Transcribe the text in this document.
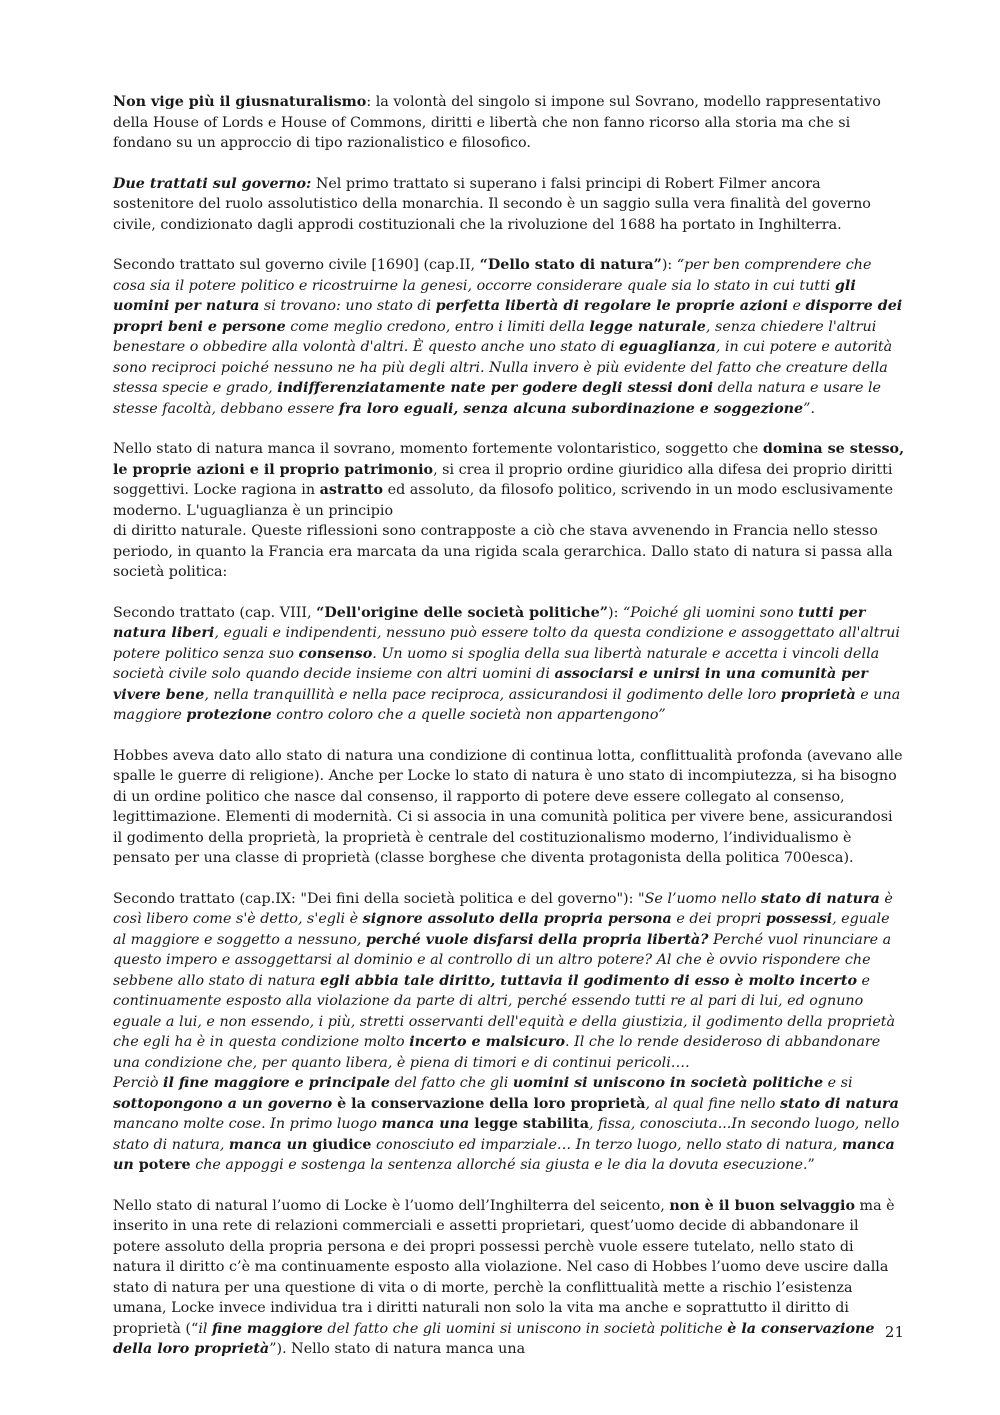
Non vige più il giusnaturalismo: la volontà del singolo si impone sul Sovrano, modello rappresentativo della House of Lords e House of Commons, diritti e libertà che non fanno ricorso alla storia ma che si fondano su un approccio di tipo razionalistico e filosofico.

Due trattati sul governo: Nel primo trattato si superano i falsi principi di Robert Filmer ancora sostenitore del ruolo assolutistico della monarchia. Il secondo è un saggio sulla vera finalità del governo civile, condizionato dagli approdi costituzionali che la rivoluzione del 1688 ha portato in Inghilterra.

Secondo trattato sul governo civile [1690] (cap.II, “Dello stato di natura”): “per ben comprendere che cosa sia il potere politico e ricostruirne la genesi, occorre considerare quale sia lo stato in cui tutti gli uomini per natura si trovano: uno stato di perfetta libertà di regolare le proprie azioni e disporre dei propri beni e persone come meglio credono, entro i limiti della legge naturale, senza chiedere l'altrui benestare o obbedire alla volontà d'altri. È questo anche uno stato di eguaglianza, in cui potere e autorità sono reciproci poiché nessuno ne ha più degli altri. Nulla invero è più evidente del fatto che creature della stessa specie e grado, indifferenziatamente nate per godere degli stessi doni della natura e usare le stesse facoltà, debbano essere fra loro eguali, senza alcuna subordinazione e soggezione”.

Nello stato di natura manca il sovrano, momento fortemente volontaristico, soggetto che domina se stesso, le proprie azioni e il proprio patrimonio, si crea il proprio ordine giuridico alla difesa dei proprio diritti soggettivi. Locke ragiona in astratto ed assoluto, da filosofo politico, scrivendo in un modo esclusivamente moderno. L'uguaglianza è un principio

di diritto naturale. Queste riflessioni sono contrapposte a ciò che stava avvenendo in Francia nello stesso periodo, in quanto la Francia era marcata da una rigida scala gerarchica. Dallo stato di natura si passa alla società politica:

Secondo trattato (cap. VIII, “Dell'origine delle società politiche”): “Poiché gli uomini sono tutti per natura liberi, eguali e indipendenti, nessuno può essere tolto da questa condizione e assoggettato all'altrui potere politico senza suo consenso. Un uomo si spoglia della sua libertà naturale e accetta i vincoli della società civile solo quando decide insieme con altri uomini di associarsi e unirsi in una comunità per vivere bene, nella tranquillità e nella pace reciproca, assicurandosi il godimento delle loro proprietà e una maggiore protezione contro coloro che a quelle società non appartengono”

Hobbes aveva dato allo stato di natura una condizione di continua lotta, conflittualità profonda (avevano alle spalle le guerre di religione). Anche per Locke lo stato di natura è uno stato di incompiutezza, si ha bisogno di un ordine politico che nasce dal consenso, il rapporto di potere deve essere collegato al consenso, legittimazione. Elementi di modernità. Ci si associa in una comunità politica per vivere bene, assicurandosi il godimento della proprietà, la proprietà è centrale del costituzionalismo moderno, l’individualismo è pensato per una classe di proprietà (classe borghese che diventa protagonista della politica 700esca).

Secondo trattato (cap.IX: "Dei fini della società politica e del governo"): "Se l’uomo nello stato di natura è così libero come s'è detto, s'egli è signore assoluto della propria persona e dei propri possessi, eguale al maggiore e soggetto a nessuno, perché vuole disfarsi della propria libertà? Perché vuol rinunciare a questo impero e assoggettarsi al dominio e al controllo di un altro potere? Al che è ovvio rispondere che sebbene allo stato di natura egli abbia tale diritto, tuttavia il godimento di esso è molto incerto e continuamente esposto alla violazione da parte di altri, perché essendo tutti re al pari di lui, ed ognuno eguale a lui, e non essendo, i più, stretti osservanti dell'equità e della giustizia, il godimento della proprietà che egli ha è in questa condizione molto incerto e malsicuro. Il che lo rende desideroso di abbandonare una condizione che, per quanto libera, è piena di timori e di continui pericoli….

Perciò il fine maggiore e principale del fatto che gli uomini si uniscono in società politiche e si sottopongono a un governo è la conservazione della loro proprietà, al qual fine nello stato di natura mancano molte cose. In primo luogo manca una legge stabilita, fissa, conosciuta...In secondo luogo, nello stato di natura, manca un giudice conosciuto ed imparziale… In terzo luogo, nello stato di natura, manca un potere che appoggi e sostenga la sentenza allorché sia giusta e le dia la dovuta esecuzione.”

Nello stato di natural l’uomo di Locke è l’uomo dell’Inghilterra del seicento, non è il buon selvaggio ma è inserito in una rete di relazioni commerciali e assetti proprietari, quest’uomo decide di abbandonare il potere assoluto della propria persona e dei propri possessi perchè vuole essere tutelato, nello stato di natura il diritto c’è ma continuamente esposto alla violazione. Nel caso di Hobbes l’uomo deve uscire dalla stato di natura per una questione di vita o di morte, perchè la conflittualità mette a rischio l’esistenza umana, Locke invece individua tra i diritti naturali non solo la vita ma anche e soprattutto il diritto di proprietà (“il fine maggiore del fatto che gli uomini si uniscono in società politiche è la conservazione della loro proprietà”). Nello stato di natura manca una

21
